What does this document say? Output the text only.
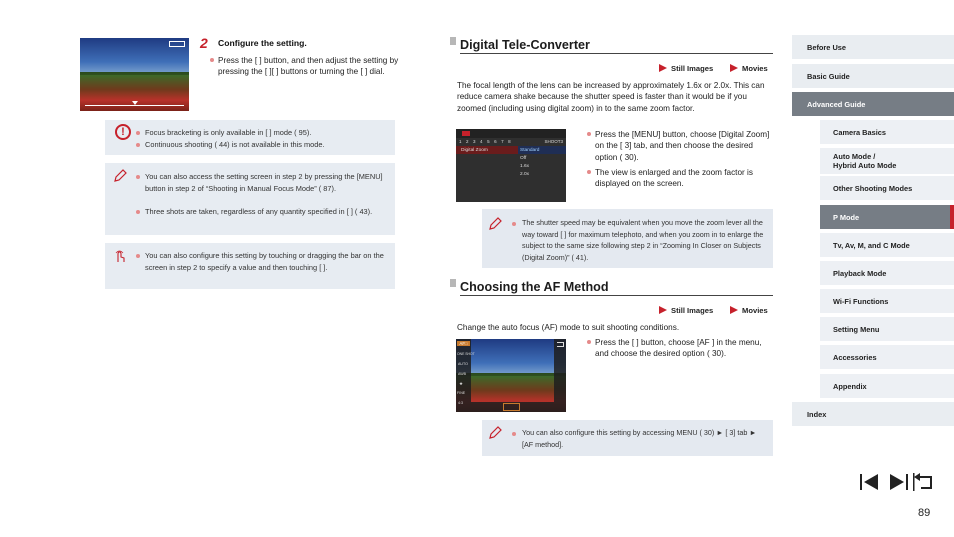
2 Configure the setting.
Press the [ ] button, and then adjust the setting by pressing the [ ][ ] buttons or turning the [ ] dial.
!	Focus bracketing is only available in [ ] mode ( 95).
Continuous shooting ( 44) is not available in this mode.
You can also access the setting screen in step 2 by pressing the [MENU] button in step 2 of “Shooting in Manual Focus Mode” ( 87).
Three shots are taken, regardless of any quantity specified in [ ] ( 43).
You can also configure this setting by touching or dragging the bar on the screen in step 2 to specify a value and then touching [ ].
Digital Tele-Converter
Still Images	Movies
The focal length of the lens can be increased by approximately 1.6x or 2.0x. This can reduce camera shake because the shutter speed is faster than it would be if you zoomed (including using digital zoom) in to the same zoom factor.
SHOOT3
12345678
Digital Zoom	Standard
Off
1.6x
2.0x
Press the [MENU] button, choose [Digital Zoom] on the [ 3] tab, and then choose the desired option ( 30).
The view is enlarged and the zoom factor is displayed on the screen.
The shutter speed may be equivalent when you move the zoom lever all the way toward [ ] for maximum telephoto, and when you zoom in to enlarge the subject to the same size following step 2 in “Zooming In Closer on Subjects (Digital Zoom)” ( 41).
Choosing the AF Method
Still Images	Movies
Change the auto focus (AF) mode to suit shooting conditions.
AF□
ONE SHOT
AUTO
AWB
★
FINE
4:3
Press the [ ] button, choose [AF ] in the menu, and choose the desired option ( 30).
You can also configure this setting by accessing MENU ( 30) ► [ 3] tab ► [AF method].
Before Use
Basic Guide
Advanced Guide
Camera Basics
Auto Mode /
Hybrid Auto Mode
Other Shooting Modes
P Mode
Tv, Av, M, and C Mode
Playback Mode
Wi-Fi Functions
Setting Menu
Accessories
Appendix
Index
89
